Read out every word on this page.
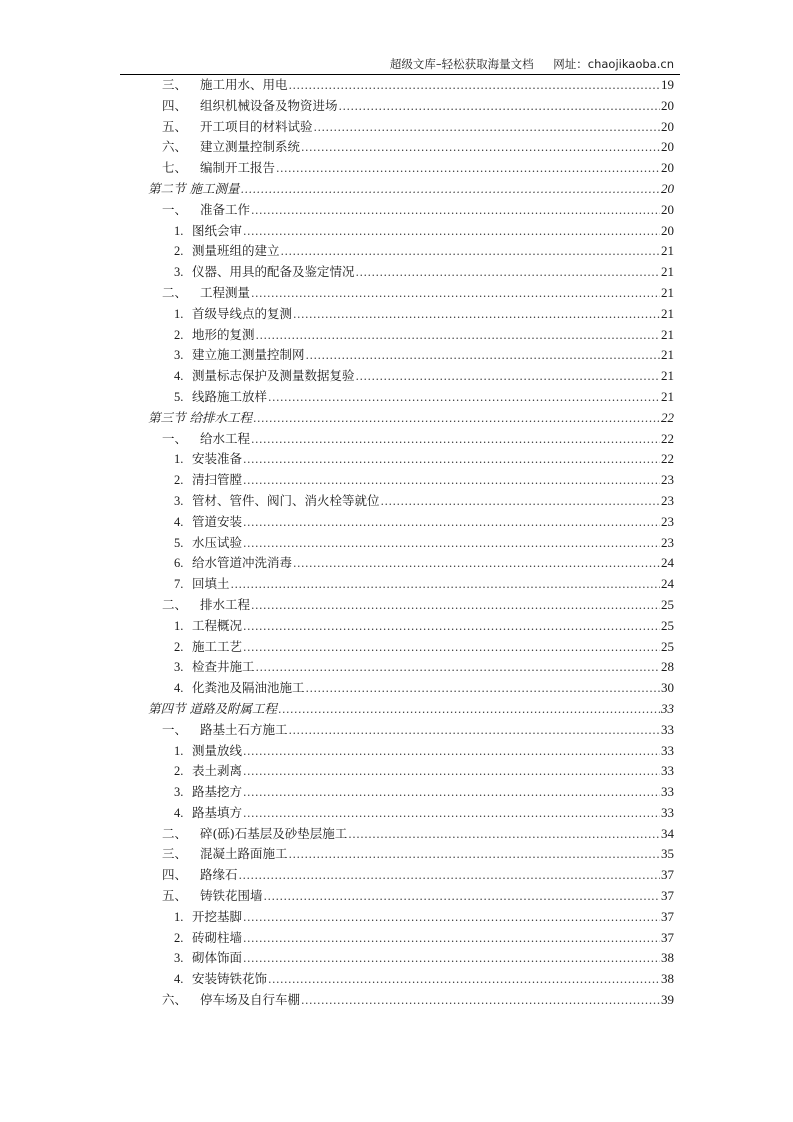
超级文库–轻松获取海量文档 网址：chaojikaoba.cn
三、	施工用水、用电 .....	19
四、	组织机械设备及物资进场 .....	20
五、	开工项目的材料试验 .....	20
六、	建立测量控制系统 .....	20
七、	编制开工报告 .....	20
第二节 施工测量 .....	20
一、	准备工作 .....	20
1. 图纸会审 .....	20
2. 测量班组的建立 .....	21
3. 仪器、用具的配备及鉴定情况 .....	21
二、	工程测量 .....	21
1. 首级导线点的复测 .....	21
2. 地形的复测 .....	21
3. 建立施工测量控制网 .....	21
4. 测量标志保护及测量数据复验 .....	21
5. 线路施工放样 .....	21
第三节 给排水工程 .....	22
一、	给水工程 .....	22
1. 安装准备 .....	22
2. 清扫管膛 .....	23
3. 管材、管件、阀门、消火栓等就位 .....	23
4. 管道安装 .....	23
5. 水压试验 .....	23
6. 给水管道冲洗消毒 .....	24
7. 回填土 .....	24
二、	排水工程 .....	25
1. 工程概况 .....	25
2. 施工工艺 .....	25
3. 检查井施工 .....	28
4. 化粪池及隔油池施工 .....	30
第四节 道路及附属工程 .....	33
一、	路基土石方施工 .....	33
1. 测量放线 .....	33
2. 表土剥离 .....	33
3. 路基挖方 .....	33
4. 路基填方 .....	33
二、	碎(砾)石基层及砂垫层施工 .....	34
三、	混凝土路面施工 .....	35
四、	路缘石 .....	37
五、	铸铁花围墙 .....	37
1. 开挖基脚 .....	37
2. 砖砌柱墙 .....	37
3. 砌体饰面 .....	38
4. 安装铸铁花饰 .....	38
六、	停车场及自行车棚 .....	39
